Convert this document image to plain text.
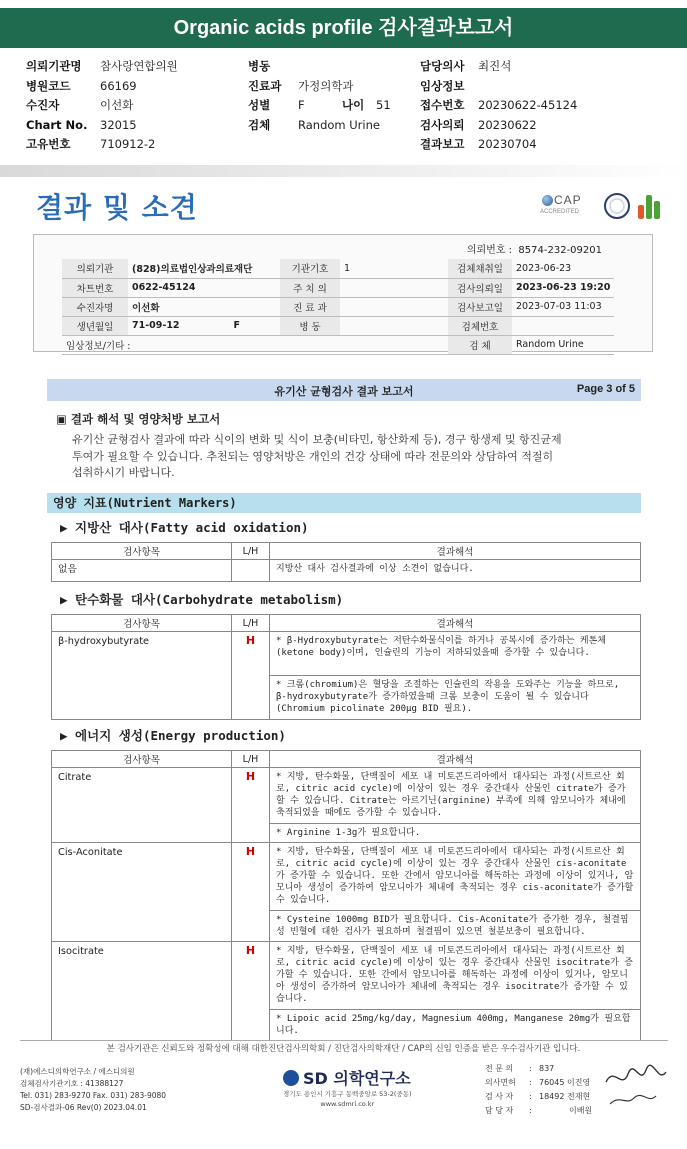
Organic acids profile 검사결과보고서
의뢰기관명	참사랑연합의원
병원코드	66169
수진자	이선화
Chart No.	32015
고유번호	710912-2
병동
진료과	가정의학과
성별	F	나이	51
검체	Random Urine
담당의사	최진석
임상정보
접수번호	20230622-45124
검사의뢰	20230622
결과보고	20230704
결과 및 소견	CAP
ACCREDITED
의뢰번호 : 8574-232-09201
의뢰기관	(828)의료법인상과의료재단	기관기호	1	검체채취일	2023-06-23
차트번호	0622-45124	주 치 의		검사의뢰일	2023-06-23 19:20
수진자명	이선화	진 료 과		검사보고일	2023-07-03 11:03
생년월일	71-09-12 F	병 동		검체번호	
임상정보/기타 :				검 체	Random Urine
유기산 균형검사 결과 보고서	Page 3 of 5
▣ 결과 해석 및 영양처방 보고서
유기산 균형검사 결과에 따라 식이의 변화 및 식이 보충(비타민, 항산화제 등), 경구 항생제 및 항진균제
투여가 필요할 수 있습니다. 추천되는 영양처방은 개인의 건강 상태에 따라 전문의와 상담하여 적절히
섭취하시기 바랍니다.
영양 지표(Nutrient Markers)
▶ 지방산 대사(Fatty acid oxidation)
검사항목	L/H	결과해석
없음		지방산 대사 검사결과에 이상 소견이 없습니다.
▶ 탄수화물 대사(Carbohydrate metabolism)
검사항목	L/H	결과해석
β-hydroxybutyrate	H	* β-Hydroxybutyrate는 저탄수화물식이를 하거나 공복시에 증가하는 케톤체(ketone body)이며, 인슐린의 기능이 저하되었을때 증가할 수 있습니다.
		* 크롬(chromium)은 혈당을 조절하는 인슐린의 작용을 도와주는 기능을 하므로, β-hydroxybutyrate가 증가하였을때 크롬 보충이 도움이 될 수 있습니다(Chromium picolinate 200μg BID 필요).
▶ 에너지 생성(Energy production)
검사항목	L/H	결과해석
Citrate	H	* 지방, 탄수화물, 단백질이 세포 내 미토콘드리아에서 대사되는 과정(시트르산 회로, citric acid cycle)에 이상이 있는 경우 중간대사 산물인 citrate가 증가할 수 있습니다. Citrate는 아르기닌(arginine) 부족에 의해 암모니아가 체내에 축적되었을 때에도 증가할 수 있습니다.
		* Arginine 1-3g가 필요합니다.
Cis-Aconitate	H	* 지방, 탄수화물, 단백질이 세포 내 미토콘드리아에서 대사되는 과정(시트르산 회로, citric acid cycle)에 이상이 있는 경우 중간대사 산물인 cis-aconitate가 증가할 수 있습니다. 또한 간에서 암모니아를 해독하는 과정에 이상이 있거나, 암모니아 생성이 증가하여 암모니아가 체내에 축적되는 경우 cis-aconitate가 증가할 수 있습니다.
		* Cysteine 1000mg BID가 필요합니다. Cis-Aconitate가 증가한 경우, 철결핍성 빈혈에 대한 검사가 필요하며 철결핍이 있으면 철분보충이 필요합니다.
Isocitrate	H	* 지방, 탄수화물, 단백질이 세포 내 미토콘드리아에서 대사되는 과정(시트르산 회로, citric acid cycle)에 이상이 있는 경우 중간대사 산물인 isocitrate가 증가할 수 있습니다. 또한 간에서 암모니아를 해독하는 과정에 이상이 있거나, 암모니아 생성이 증가하여 암모니아가 체내에 축적되는 경우 isocitrate가 증가할 수 있습니다.
		* Lipoic acid 25mg/kg/day, Magnesium 400mg, Manganese 20mg가 필요합니다.
본 검사기관은 신뢰도와 정확성에 대해 대한진단검사의학회 / 진단검사의학재단 / CAP의 신임 인증을 받은 우수검사기관 입니다.
(재)에스디의학연구소 / 에스디의원
검체검사기관기호 : 41388127
Tel. 031) 283-9270 Fax. 031) 283-9080
SD-검사결과-06 Rev(0) 2023.04.01
SD 의학연구소
경기도 용인시 기흥구 동백중앙로 53-2(중동)
www.sdmri.co.kr
전 문 의	: 837
의사면허	: 76045 이진영
검 사 자	: 18492 전재현
담 당 자	:	이배원
